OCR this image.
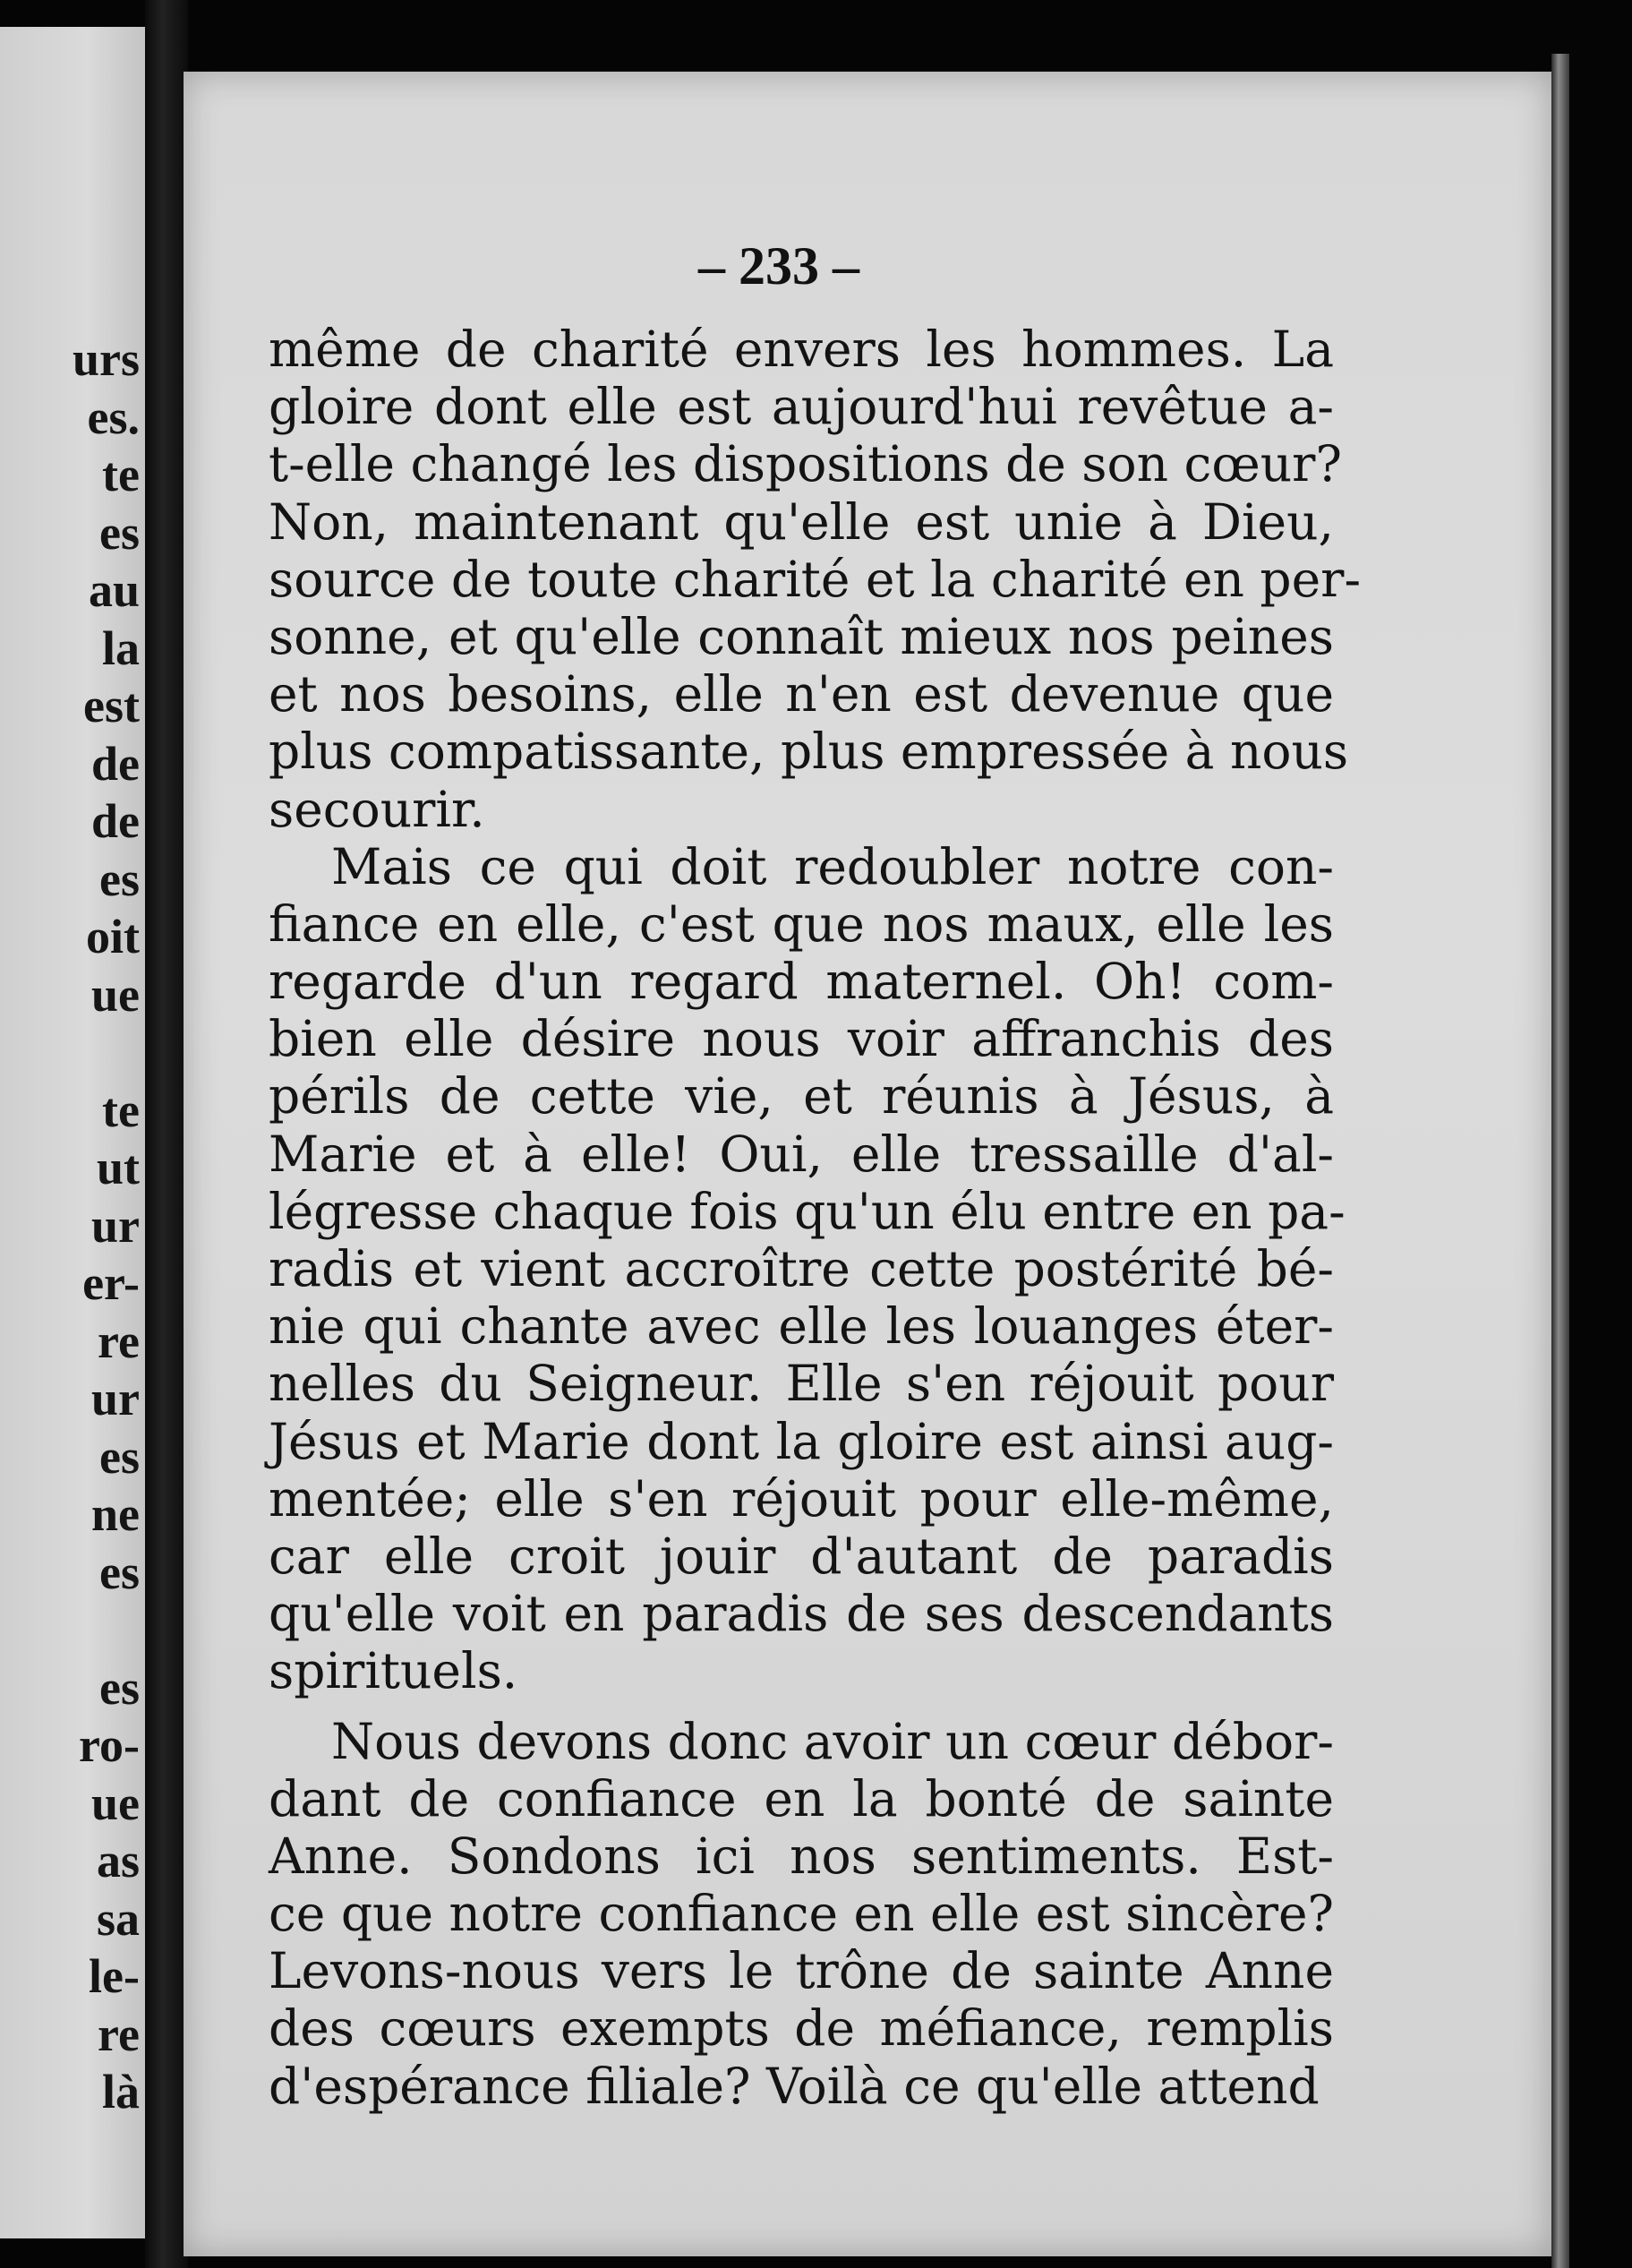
urs
es.
te
es
au
la
est
de
de
es
oit
ue
te
ut
ur
er-
re
ur
es
ne
es
es
ro-
ue
as
sa
le-
re
là
– 233 –
même de charité envers les hommes. La
gloire dont elle est aujourd'hui revêtue a-
t-elle changé les dispositions de son cœur?
Non, maintenant qu'elle est unie à Dieu,
source de toute charité et la charité en per-
sonne, et qu'elle connaît mieux nos peines
et nos besoins, elle n'en est devenue que
plus compatissante, plus empressée à nous
secourir.
Mais ce qui doit redoubler notre con-
fiance en elle, c'est que nos maux, elle les
regarde d'un regard maternel. Oh! com-
bien elle désire nous voir affranchis des
périls de cette vie, et réunis à Jésus, à
Marie et à elle! Oui, elle tressaille d'al-
légresse chaque fois qu'un élu entre en pa-
radis et vient accroître cette postérité bé-
nie qui chante avec elle les louanges éter-
nelles du Seigneur. Elle s'en réjouit pour
Jésus et Marie dont la gloire est ainsi aug-
mentée; elle s'en réjouit pour elle-même,
car elle croit jouir d'autant de paradis
qu'elle voit en paradis de ses descendants
spirituels.
Nous devons donc avoir un cœur débor-
dant de confiance en la bonté de sainte
Anne. Sondons ici nos sentiments. Est-
ce que notre confiance en elle est sincère?
Levons-nous vers le trône de sainte Anne
des cœurs exempts de méfiance, remplis
d'espérance filiale? Voilà ce qu'elle attend
